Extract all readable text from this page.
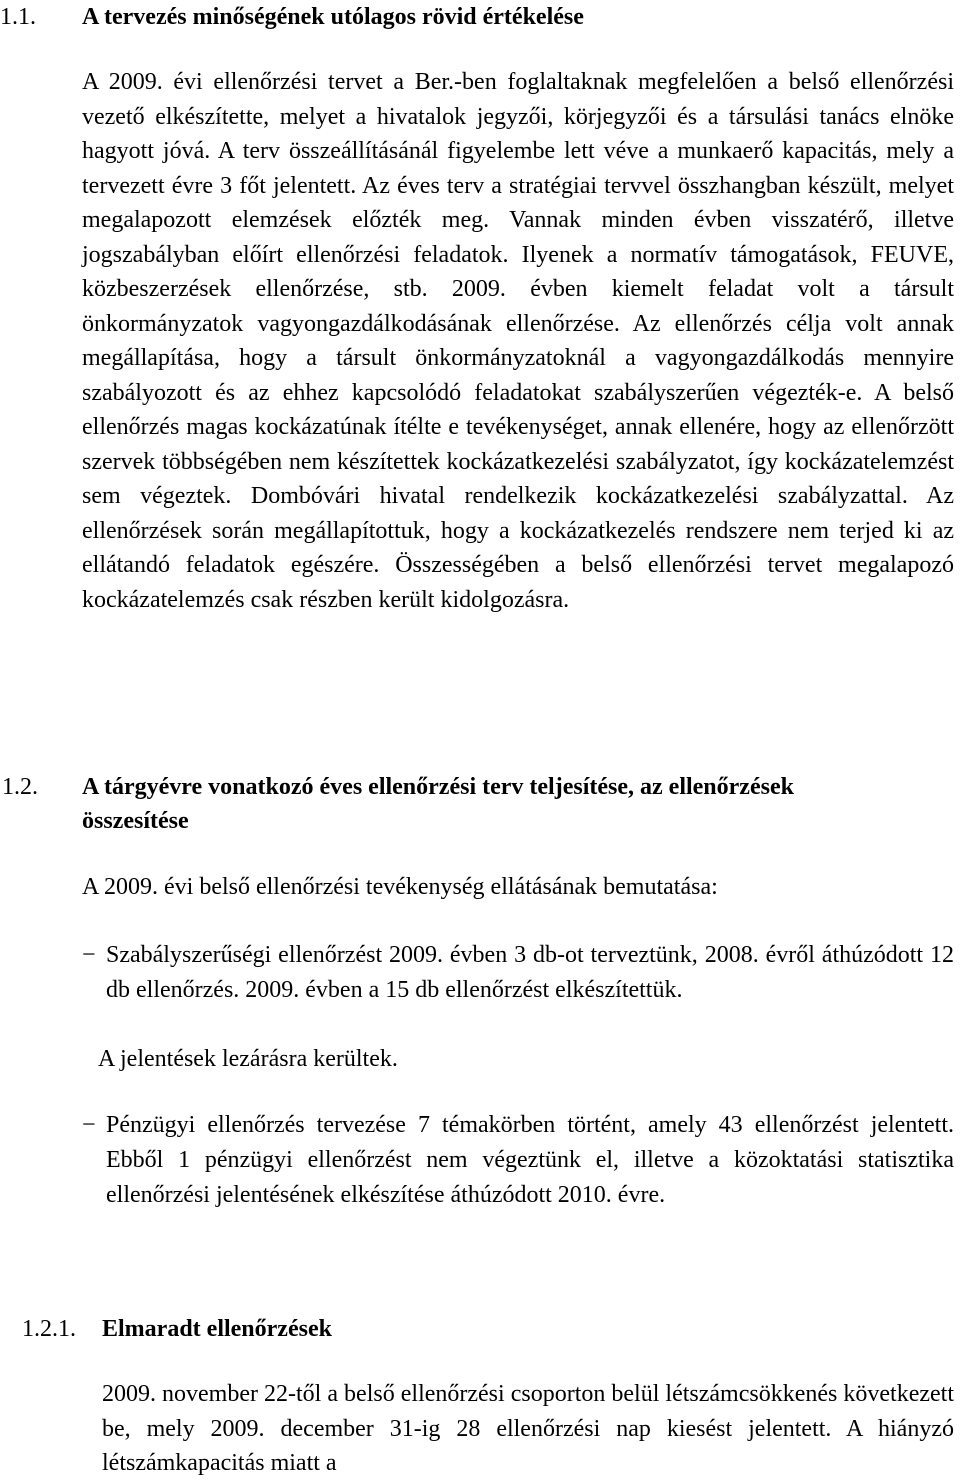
1.1. A tervezés minőségének utólagos rövid értékelése

A 2009. évi ellenőrzési tervet a Ber.-ben foglaltaknak megfelelően a belső ellenőrzési vezető elkészítette, melyet a hivatalok jegyzői, körjegyzői és a társulási tanács elnöke hagyott jóvá. A terv összeállításánál figyelembe lett véve a munkaerő kapacitás, mely a tervezett évre 3 főt jelentett. Az éves terv a stratégiai tervvel összhangban készült, melyet megalapozott elemzések előzték meg. Vannak minden évben visszatérő, illetve jogszabályban előírt ellenőrzési feladatok. Ilyenek a normatív támogatások, FEUVE, közbeszerzések ellenőrzése, stb. 2009. évben kiemelt feladat volt a társult önkormányzatok vagyongazdálkodásának ellenőrzése. Az ellenőrzés célja volt annak megállapítása, hogy a társult önkormányzatoknál a vagyongazdálkodás mennyire szabályozott és az ehhez kapcsolódó feladatokat szabályszerűen végezték-e. A belső ellenőrzés magas kockázatúnak ítélte e tevékenységet, annak ellenére, hogy az ellenőrzött szervek többségében nem készítettek kockázatkezelési szabályzatot, így kockázatelemzést sem végeztek. Dombóvári hivatal rendelkezik kockázatkezelési szabályzattal. Az ellenőrzések során megállapítottuk, hogy a kockázatkezelés rendszere nem terjed ki az ellátandó feladatok egészére. Összességében a belső ellenőrzési tervet megalapozó kockázatelemzés csak részben került kidolgozásra.

1.2. A tárgyévre vonatkozó éves ellenőrzési terv teljesítése, az ellenőrzések
összesítése

A 2009. évi belső ellenőrzési tevékenység ellátásának bemutatása:

− Szabályszerűségi ellenőrzést 2009. évben 3 db-ot terveztünk, 2008. évről áthúzódott 12 db ellenőrzés. 2009. évben a 15 db ellenőrzést elkészítettük.

A jelentések lezárásra kerültek.

− Pénzügyi ellenőrzés tervezése 7 témakörben történt, amely 43 ellenőrzést jelentett. Ebből 1 pénzügyi ellenőrzést nem végeztünk el, illetve a közoktatási statisztika ellenőrzési jelentésének elkészítése áthúzódott 2010. évre.

1.2.1. Elmaradt ellenőrzések

2009. november 22-től a belső ellenőrzési csoporton belül létszámcsökkenés következett be, mely 2009. december 31-ig 28 ellenőrzési nap kiesést jelentett. A hiányzó létszámkapacitás miatt a
